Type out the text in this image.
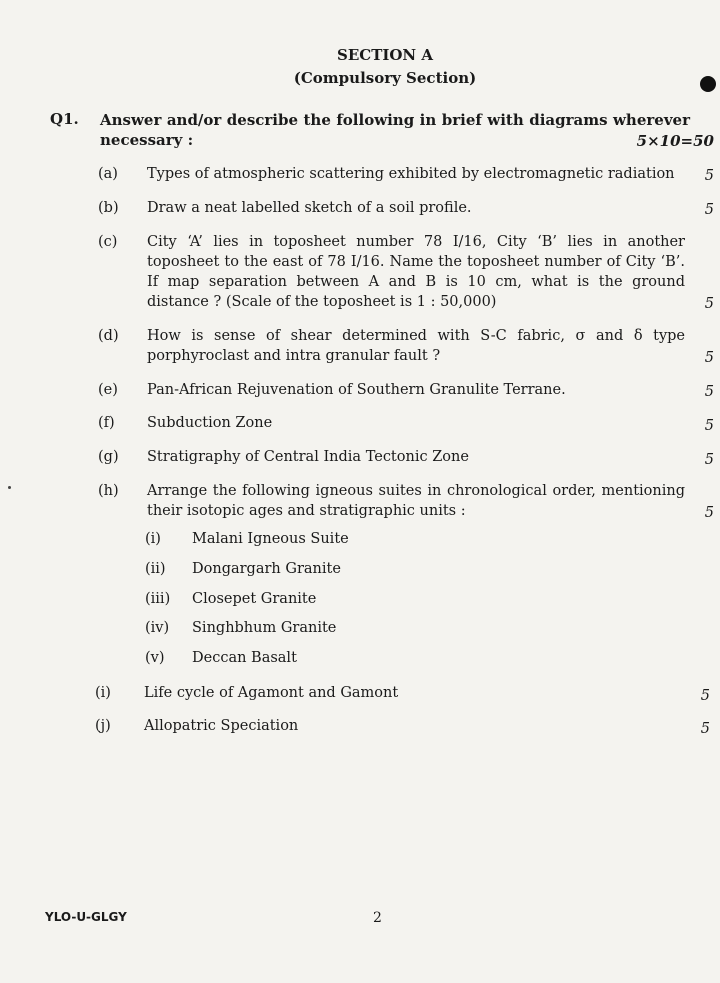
SECTION A
(Compulsory Section)
Q1. Answer and/or describe the following in brief with diagrams wherever necessary :	5×10=50
(a) Types of atmospheric scattering exhibited by electromagnetic radiation	5
(b) Draw a neat labelled sketch of a soil profile.	5
(c) City ‘A’ lies in toposheet number 78 I/16, City ‘B’ lies in another toposheet to the east of 78 I/16. Name the toposheet number of City ‘B’. If map separation between A and B is 10 cm, what is the ground distance ? (Scale of the toposheet is 1 : 50,000)	5
(d) How is sense of shear determined with S-C fabric, σ and δ type porphyroclast and intra granular fault ?	5
(e) Pan-African Rejuvenation of Southern Granulite Terrane.	5
(f) Subduction Zone	5
(g) Stratigraphy of Central India Tectonic Zone	5
(h) Arrange the following igneous suites in chronological order, mentioning their isotopic ages and stratigraphic units :	5
(i) Malani Igneous Suite
(ii) Dongargarh Granite
(iii) Closepet Granite
(iv) Singhbhum Granite
(v) Deccan Basalt
(i) Life cycle of Agamont and Gamont	5
(j) Allopatric Speciation	5
YLO-U-GLGY	2
